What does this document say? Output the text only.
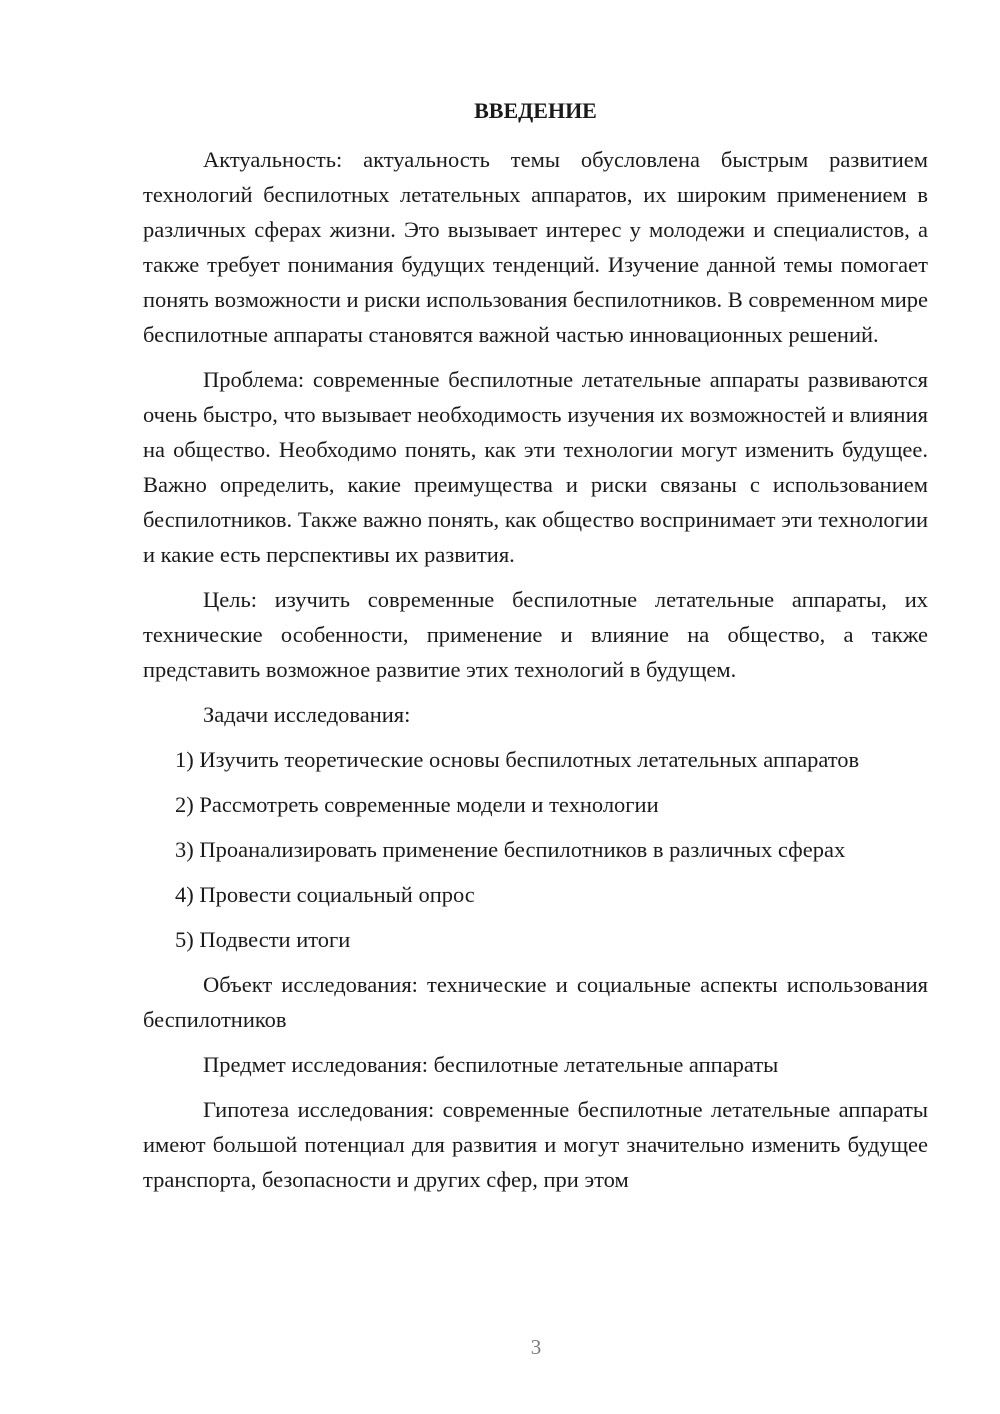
ВВЕДЕНИЕ

Актуальность: актуальность темы обусловлена быстрым развитием технологий беспилотных летательных аппаратов, их широким применением в различных сферах жизни. Это вызывает интерес у молодежи и специалистов, а также требует понимания будущих тенденций. Изучение данной темы помогает понять возможности и риски использования беспилотников. В современном мире беспилотные аппараты становятся важной частью инновационных решений.

Проблема: современные беспилотные летательные аппараты развиваются очень быстро, что вызывает необходимость изучения их возможностей и влияния на общество. Необходимо понять, как эти технологии могут изменить будущее. Важно определить, какие преимущества и риски связаны с использованием беспилотников. Также важно понять, как общество воспринимает эти технологии и какие есть перспективы их развития.

Цель: изучить современные беспилотные летательные аппараты, их технические особенности, применение и влияние на общество, а также представить возможное развитие этих технологий в будущем.

Задачи исследования:

1) Изучить теоретические основы беспилотных летательных аппаратов

2) Рассмотреть современные модели и технологии

3) Проанализировать применение беспилотников в различных сферах

4) Провести социальный опрос

5) Подвести итоги

Объект исследования: технические и социальные аспекты использования беспилотников

Предмет исследования: беспилотные летательные аппараты

Гипотеза исследования: современные беспилотные летательные аппараты имеют большой потенциал для развития и могут значительно изменить будущее транспорта, безопасности и других сфер, при этом

3
